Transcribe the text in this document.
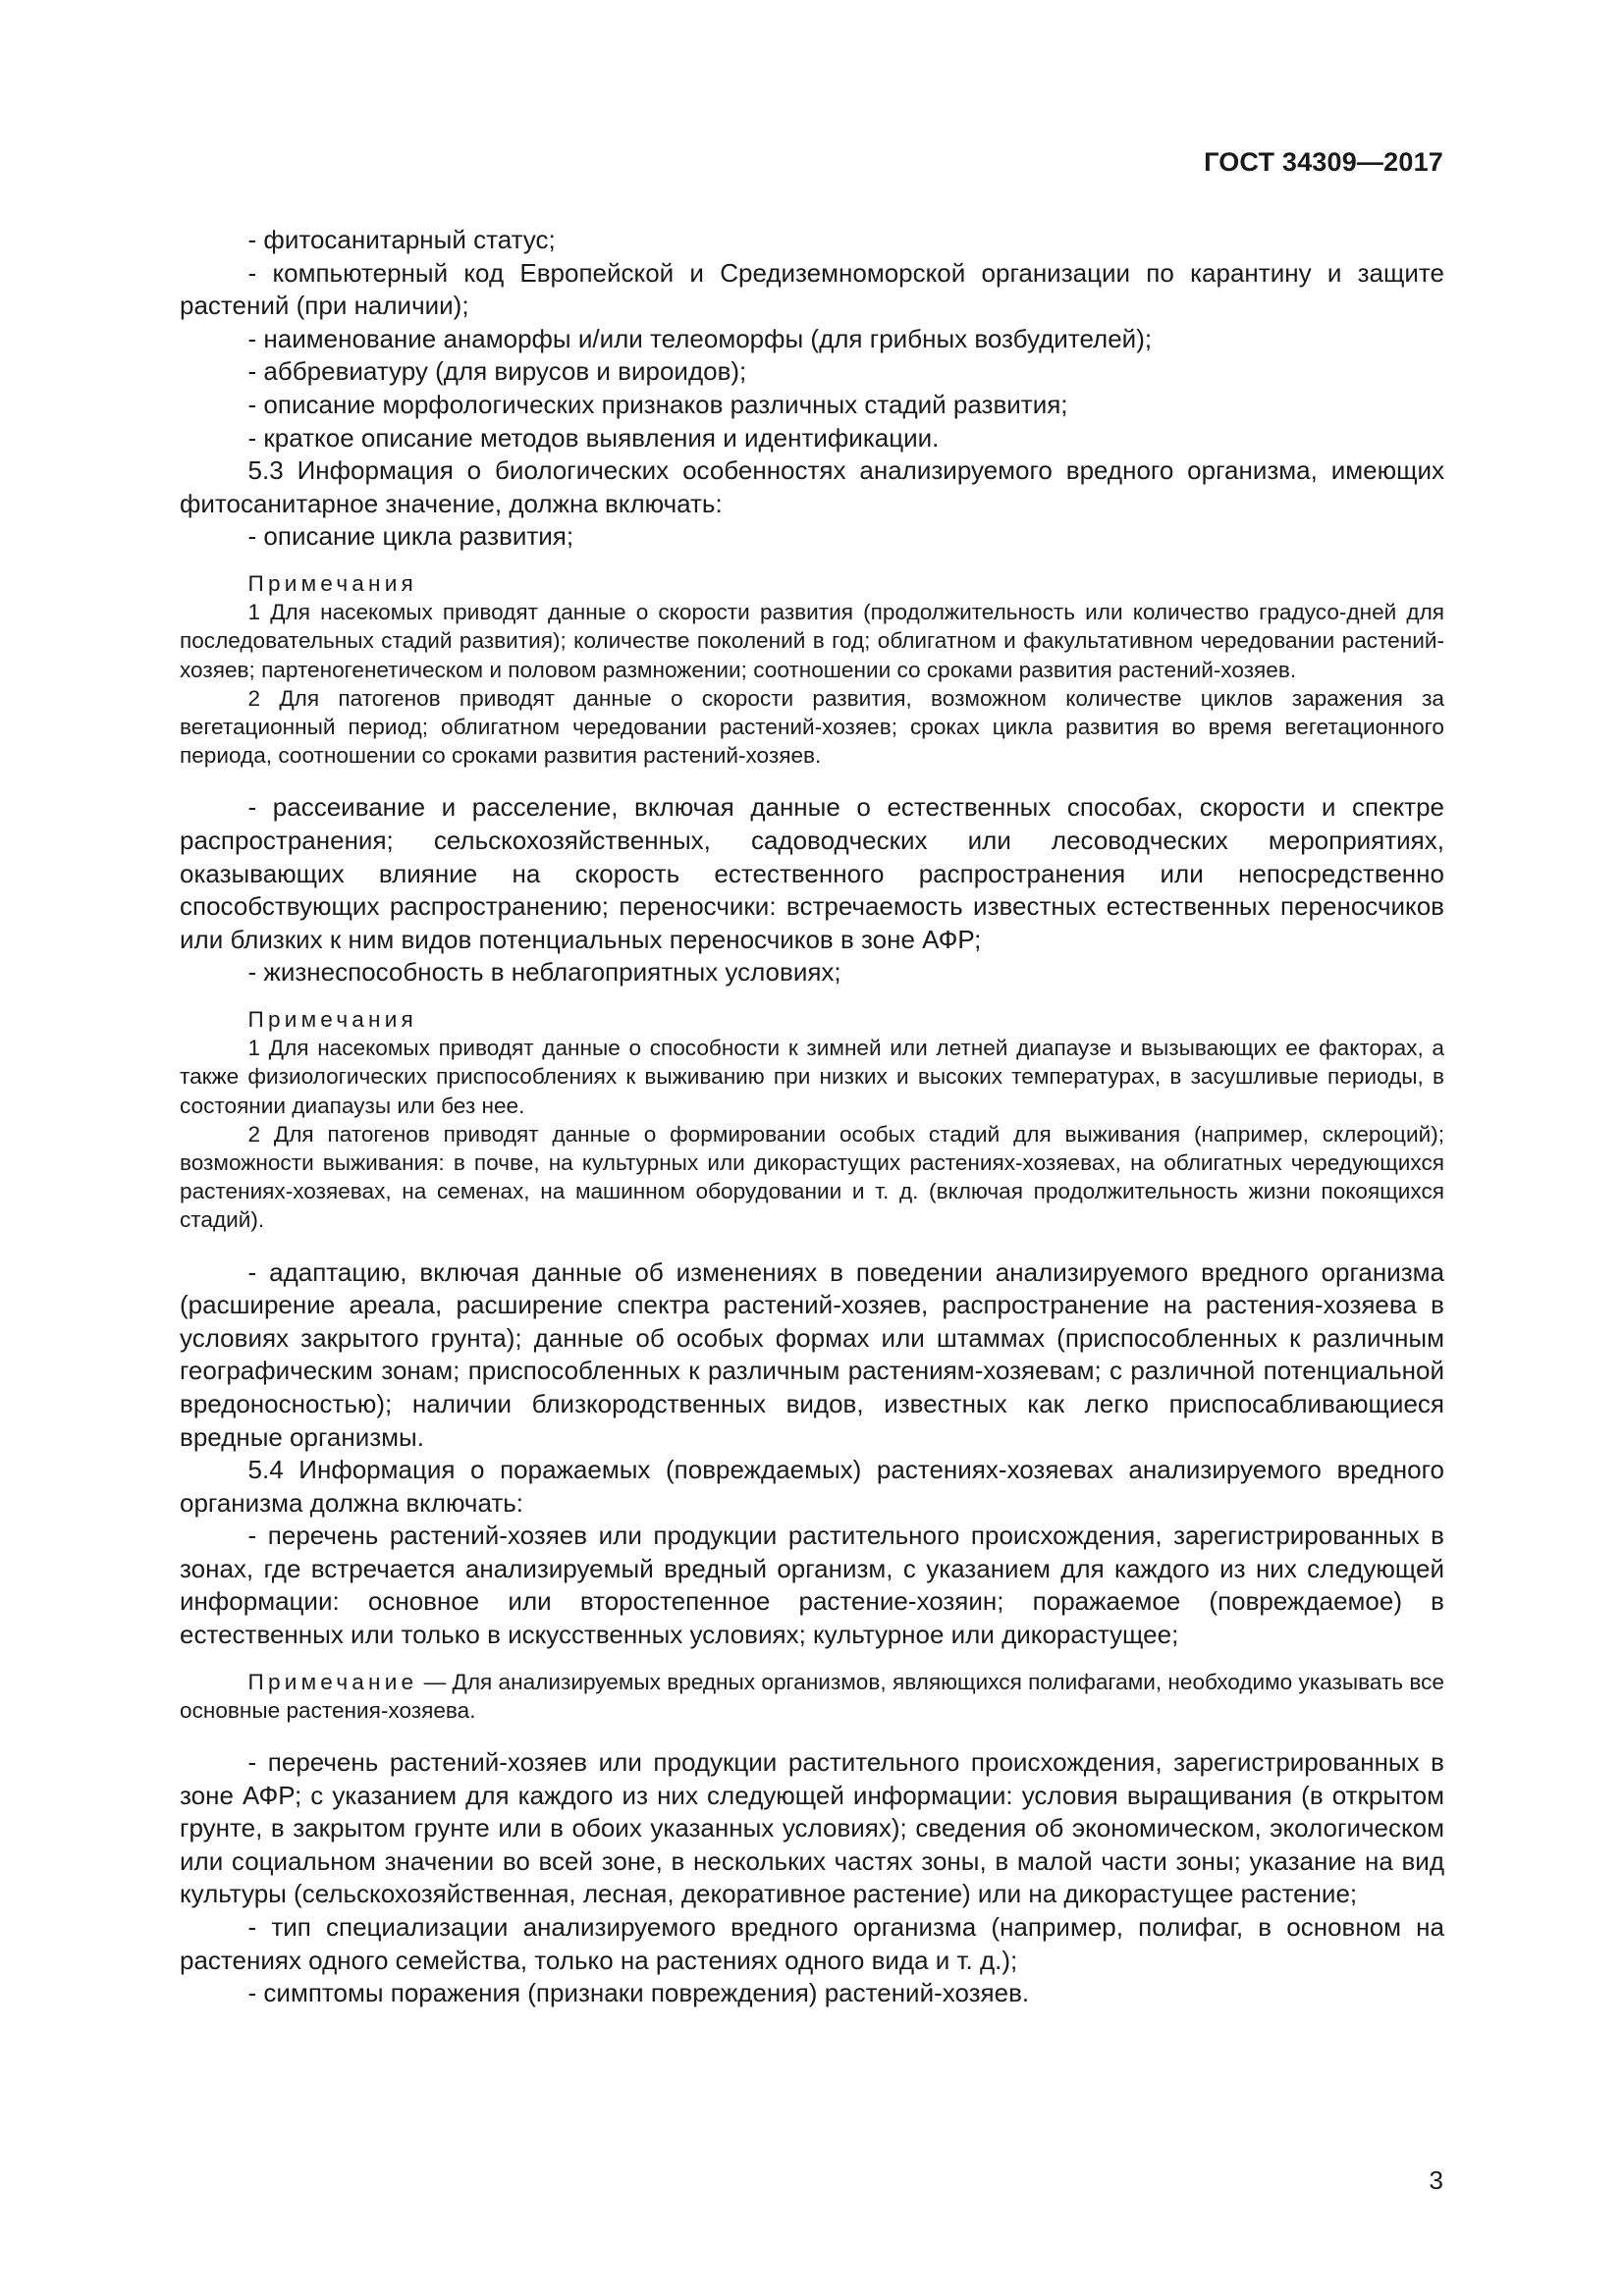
ГОСТ 34309—2017

- фитосанитарный статус;

- компьютерный код Европейской и Средиземноморской организации по карантину и защите растений (при наличии);

- наименование анаморфы и/или телеоморфы (для грибных возбудителей);

- аббревиатуру (для вирусов и вироидов);

- описание морфологических признаков различных стадий развития;

- краткое описание методов выявления и идентификации.

5.3 Информация о биологических особенностях анализируемого вредного организма, имеющих фитосанитарное значение, должна включать:

- описание цикла развития;

Примечания

1 Для насекомых приводят данные о скорости развития (продолжительность или количество градусо-дней для последовательных стадий развития); количестве поколений в год; облигатном и факультативном чередовании растений-хозяев; партеногенетическом и половом размножении; соотношении со сроками развития растений-хозяев.

2 Для патогенов приводят данные о скорости развития, возможном количестве циклов заражения за вегетационный период; облигатном чередовании растений-хозяев; сроках цикла развития во время вегетационного периода, соотношении со сроками развития растений-хозяев.

- рассеивание и расселение, включая данные о естественных способах, скорости и спектре распространения; сельскохозяйственных, садоводческих или лесоводческих мероприятиях, оказывающих влияние на скорость естественного распространения или непосредственно способствующих распространению; переносчики: встречаемость известных естественных переносчиков или близких к ним видов потенциальных переносчиков в зоне АФР;

- жизнеспособность в неблагоприятных условиях;

Примечания

1 Для насекомых приводят данные о способности к зимней или летней диапаузе и вызывающих ее факторах, а также физиологических приспособлениях к выживанию при низких и высоких температурах, в засушливые периоды, в состоянии диапаузы или без нее.

2 Для патогенов приводят данные о формировании особых стадий для выживания (например, склероций); возможности выживания: в почве, на культурных или дикорастущих растениях-хозяевах, на облигатных чередующихся растениях-хозяевах, на семенах, на машинном оборудовании и т. д. (включая продолжительность жизни покоящихся стадий).

- адаптацию, включая данные об изменениях в поведении анализируемого вредного организма (расширение ареала, расширение спектра растений-хозяев, распространение на растения-хозяева в условиях закрытого грунта); данные об особых формах или штаммах (приспособленных к различным географическим зонам; приспособленных к различным растениям-хозяевам; с различной потенциальной вредоносностью); наличии близкородственных видов, известных как легко приспосабливающиеся вредные организмы.

5.4 Информация о поражаемых (повреждаемых) растениях-хозяевах анализируемого вредного организма должна включать:

- перечень растений-хозяев или продукции растительного происхождения, зарегистрированных в зонах, где встречается анализируемый вредный организм, с указанием для каждого из них следующей информации: основное или второстепенное растение-хозяин; поражаемое (повреждаемое) в естественных или только в искусственных условиях; культурное или дикорастущее;

Примечание — Для анализируемых вредных организмов, являющихся полифагами, необходимо указывать все основные растения-хозяева.

- перечень растений-хозяев или продукции растительного происхождения, зарегистрированных в зоне АФР; с указанием для каждого из них следующей информации: условия выращивания (в открытом грунте, в закрытом грунте или в обоих указанных условиях); сведения об экономическом, экологическом или социальном значении во всей зоне, в нескольких частях зоны, в малой части зоны; указание на вид культуры (сельскохозяйственная, лесная, декоративное растение) или на дикорастущее растение;

- тип специализации анализируемого вредного организма (например, полифаг, в основном на растениях одного семейства, только на растениях одного вида и т. д.);

- симптомы поражения (признаки повреждения) растений-хозяев.

3
